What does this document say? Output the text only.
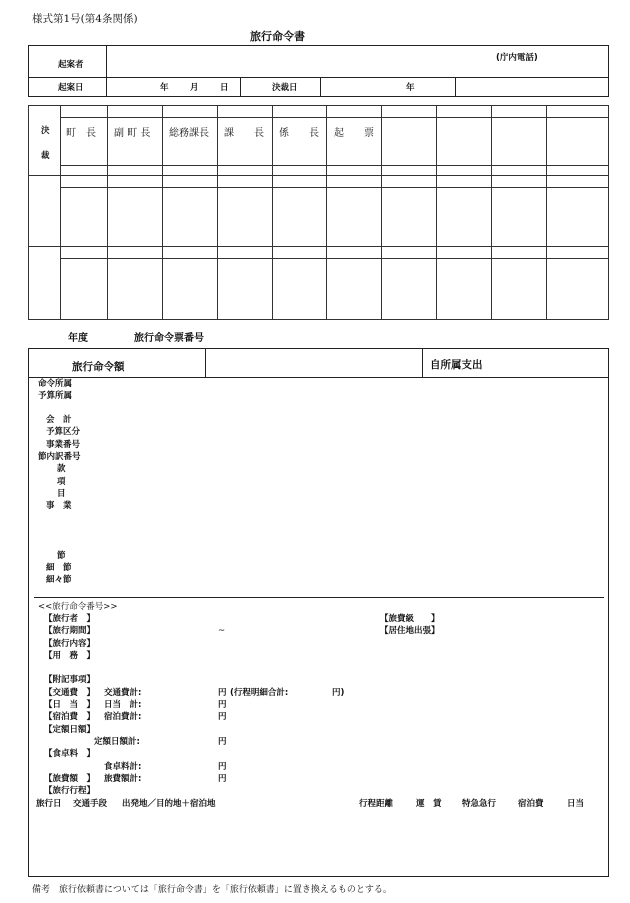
様式第1号(第4条関係)
旅行命令書
起案者
(庁内電話)
起案日	年	月	日	決裁日	年

決
裁
町　長 副 町 長 総務課長 課　　長 係　　長 起　　票
年度	旅行命令票番号
旅行命令額	自所属支出
命令所属
予算所属
会　計
予算区分
事業番号
節内訳番号
款
項
目
事　業
節
細　節
細々節
<<旅行命令番号>>
【旅行者　】	【旅費級　　】
【旅行期間】	~	【居住地出張】
【旅行内容】
【用　務　】
【附記事項】
【交通費　】 交通費計:	円 (行程明細合計:	円)
【日　当　】 日当　計:	円
【宿泊費　】 宿泊費計:	円
【定額日額】
定額日額計:	円
【食卓料　】
食卓料計:	円
【旅費額　】 旅費額計:	円
【旅行行程】
旅行日 交通手段 出発地／目的地＋宿泊地	行程距離	運　賃 特急急行	宿泊費	日当
備考　旅行依頼書については「旅行命令書」を「旅行依頼書」に置き換えるものとする。
